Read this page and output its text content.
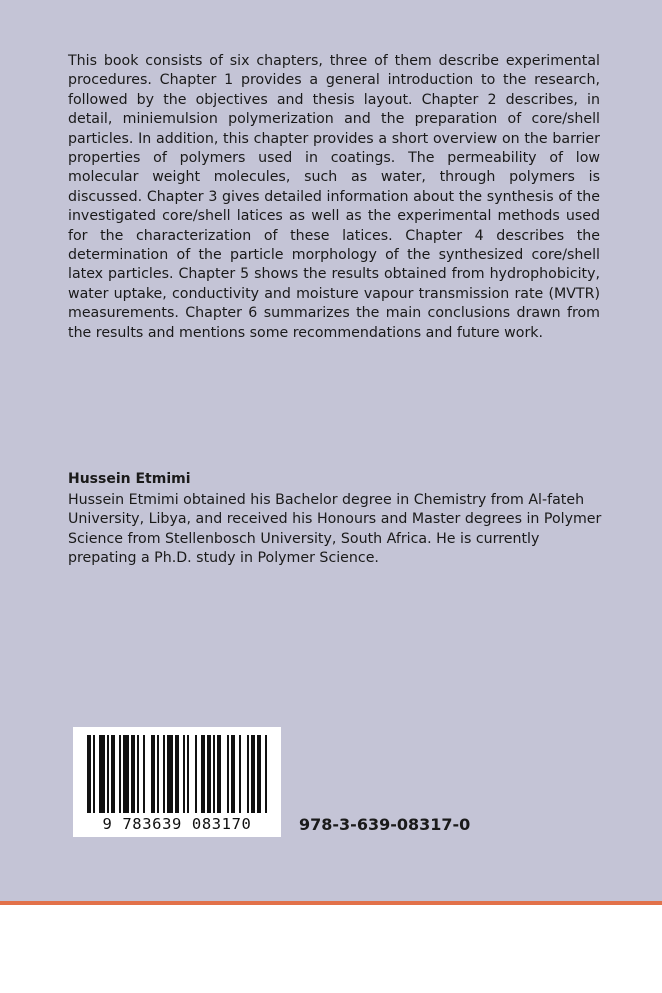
This book consists of six chapters, three of them describe experimental procedures. Chapter 1 provides a general introduction to the research, followed by the objectives and thesis layout. Chapter 2 describes, in detail, miniemulsion polymerization and the preparation of core/shell particles. In addition, this chapter provides a short overview on the barrier properties of polymers used in coatings. The permeability of low molecular weight molecules, such as water, through polymers is discussed. Chapter 3 gives detailed information about the synthesis of the investigated core/shell latices as well as the experimental methods used for the characterization of these latices. Chapter 4 describes the determination of the particle morphology of the synthesized core/shell latex particles. Chapter 5 shows the results obtained from hydrophobicity, water uptake, conductivity and moisture vapour transmission rate (MVTR) measurements. Chapter 6 summarizes the main conclusions drawn from the results and mentions some recommendations and future work.

Hussein Etmimi

Hussein Etmimi obtained his Bachelor degree in Chemistry from Al-fateh University, Libya, and received his Honours and Master degrees in Polymer Science from Stellenbosch University, South Africa. He is currently prepating a Ph.D. study in Polymer Science.

9 783639 083170	978-3-639-08317-0
